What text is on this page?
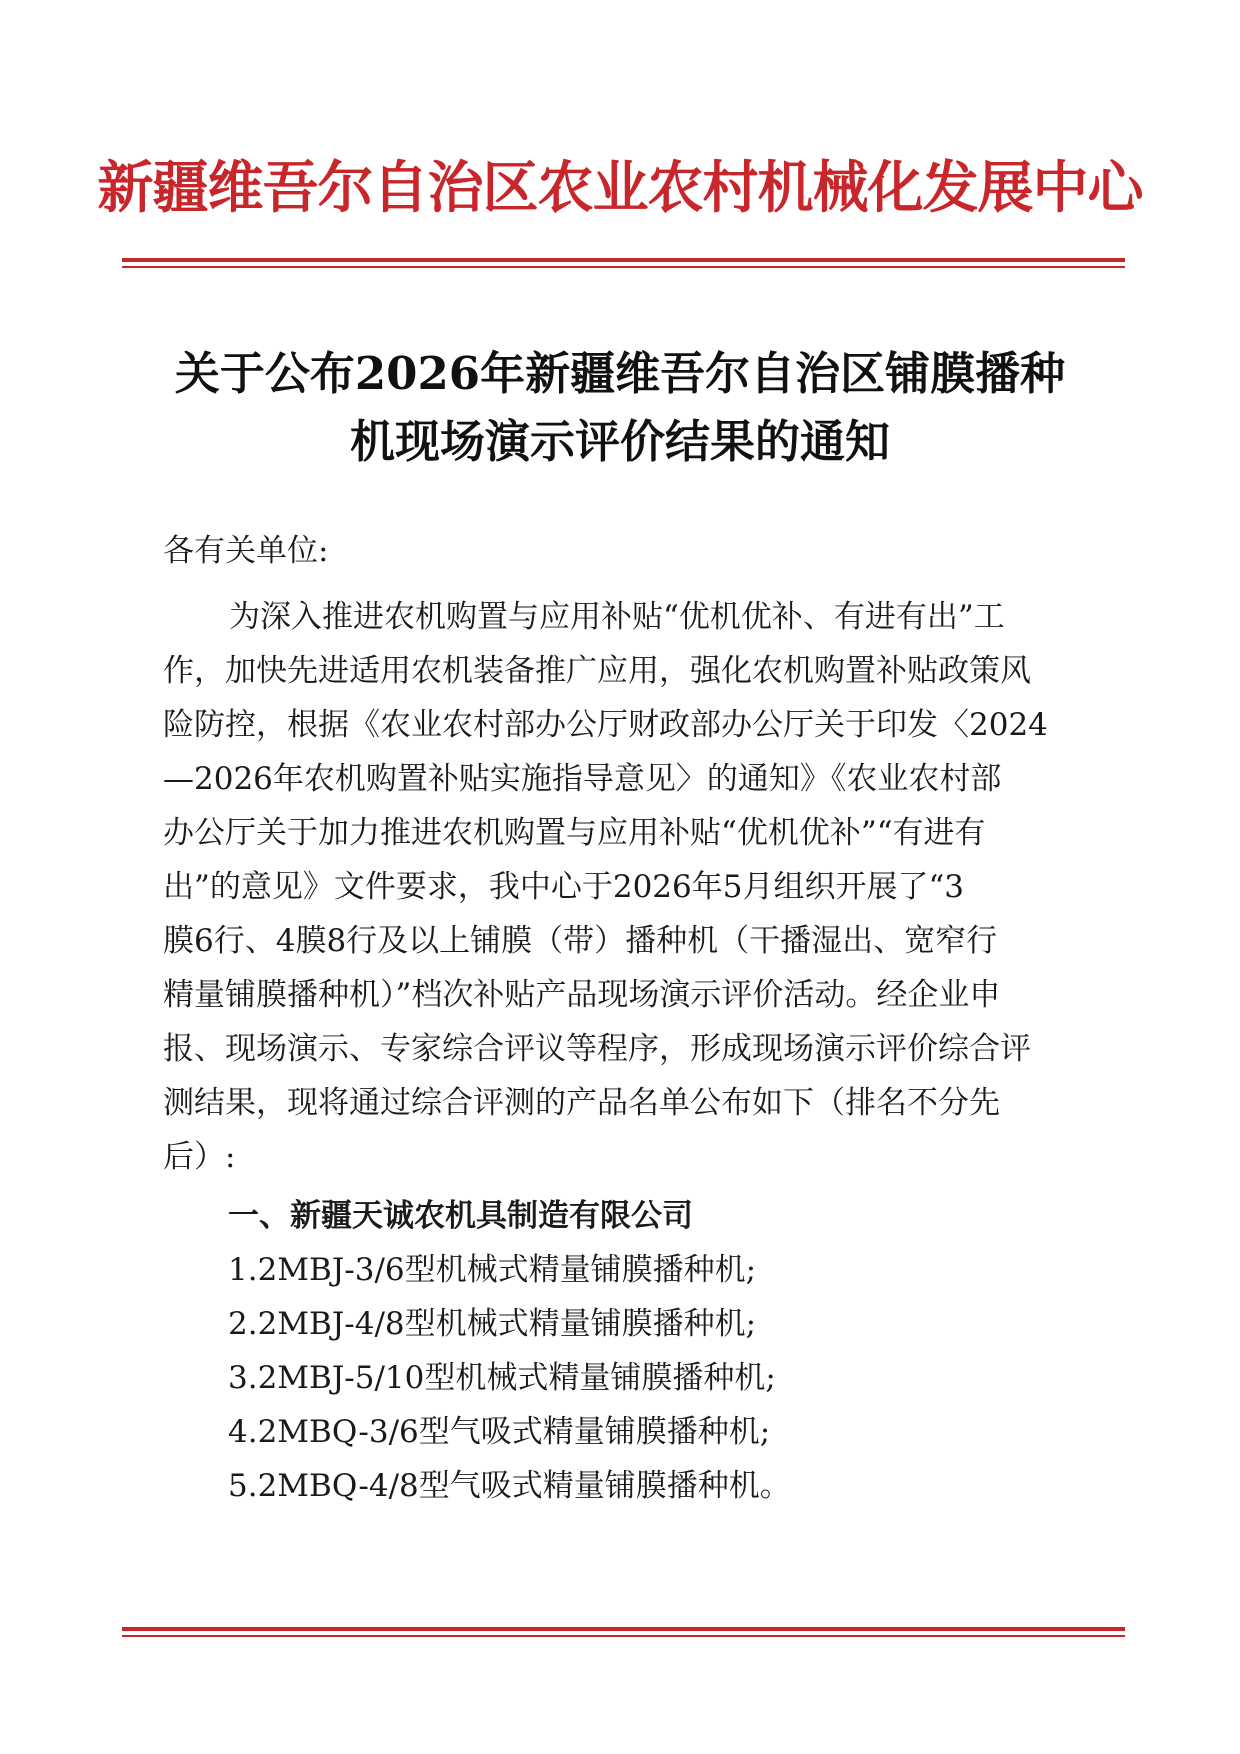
新疆维吾尔自治区农业农村机械化发展中心
关于公布2026年新疆维吾尔自治区铺膜播种
机现场演示评价结果的通知
各有关单位:
为深入推进农机购置与应用补贴“优机优补、有进有出”工
作，加快先进适用农机装备推广应用，强化农机购置补贴政策风
险防控，根据《农业农村部办公厅财政部办公厅关于印发〈2024
—2026年农机购置补贴实施指导意见〉的通知》《农业农村部
办公厅关于加力推进农机购置与应用补贴“优机优补”“有进有
出”的意见》文件要求，我中心于2026年5月组织开展了“3
膜6行、4膜8行及以上铺膜（带）播种机（干播湿出、宽窄行
精量铺膜播种机）”档次补贴产品现场演示评价活动。经企业申
报、现场演示、专家综合评议等程序，形成现场演示评价综合评
测结果，现将通过综合评测的产品名单公布如下（排名不分先
后）:
一、新疆天诚农机具制造有限公司
1.2MBJ-3/6型机械式精量铺膜播种机;
2.2MBJ-4/8型机械式精量铺膜播种机;
3.2MBJ-5/10型机械式精量铺膜播种机;
4.2MBQ-3/6型气吸式精量铺膜播种机;
5.2MBQ-4/8型气吸式精量铺膜播种机。
